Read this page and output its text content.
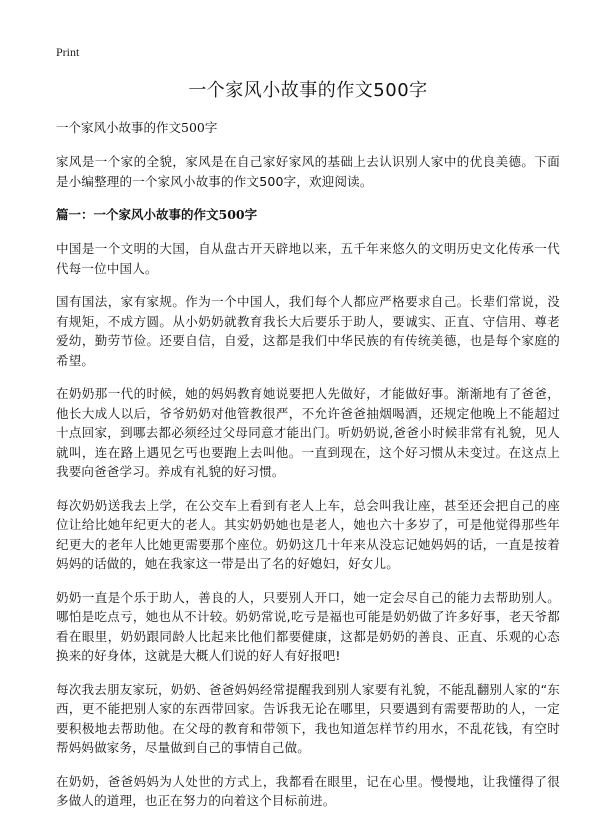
Print
一个家风小故事的作文500字
一个家风小故事的作文500字

家风是一个家的全貌，家风是在自己家好家风的基础上去认识别人家中的优良美德。下面是小编整理的一个家风小故事的作文500字，欢迎阅读。

篇一：一个家风小故事的作文500字

中国是一个文明的大国，自从盘古开天辟地以来，五千年来悠久的文明历史文化传承一代代每一位中国人。

国有国法，家有家规。作为一个中国人，我们每个人都应严格要求自己。长辈们常说，没有规矩，不成方圆。从小奶奶就教育我长大后要乐于助人，要诚实、正直、守信用、尊老爱幼，勤劳节俭。还要自信，自爱，这都是我们中华民族的有传统美德，也是每个家庭的希望。

在奶奶那一代的时候，她的妈妈教育她说要把人先做好，才能做好事。渐渐地有了爸爸，他长大成人以后，爷爷奶奶对他管教很严，不允许爸爸抽烟喝酒，还规定他晚上不能超过十点回家，到哪去都必须经过父母同意才能出门。听奶奶说,爸爸小时候非常有礼貌，见人就叫，连在路上遇见乞丐也要跑上去叫他。一直到现在，这个好习惯从未变过。在这点上我要向爸爸学习。养成有礼貌的好习惯。

每次奶奶送我去上学，在公交车上看到有老人上车，总会叫我让座，甚至还会把自己的座位让给比她年纪更大的老人。其实奶奶她也是老人，她也六十多岁了，可是他觉得那些年纪更大的老年人比她更需要那个座位。奶奶这几十年来从没忘记她妈妈的话，一直是按着妈妈的话做的，她在我家这一带是出了名的好媳妇，好女儿。

奶奶一直是个乐于助人，善良的人，只要别人开口，她一定会尽自己的能力去帮助别人。哪怕是吃点亏，她也从不计较。奶奶常说,吃亏是福也可能是奶奶做了许多好事，老天爷都看在眼里，奶奶跟同龄人比起来比他们都要健康，这都是奶奶的善良、正直、乐观的心态换来的好身体，这就是大概人们说的好人有好报吧!

每次我去朋友家玩，奶奶、爸爸妈妈经常提醒我到别人家要有礼貌，不能乱翻别人家的“东西，更不能把别人家的东西带回家。告诉我无论在哪里，只要遇到有需要帮助的人，一定要积极地去帮助他。在父母的教育和带领下，我也知道怎样节约用水，不乱花钱，有空时帮妈妈做家务，尽量做到自己的事情自己做。

在奶奶，爸爸妈妈为人处世的方式上，我都看在眼里，记在心里。慢慢地，让我懂得了很多做人的道理，也正在努力的向着这个目标前进。
